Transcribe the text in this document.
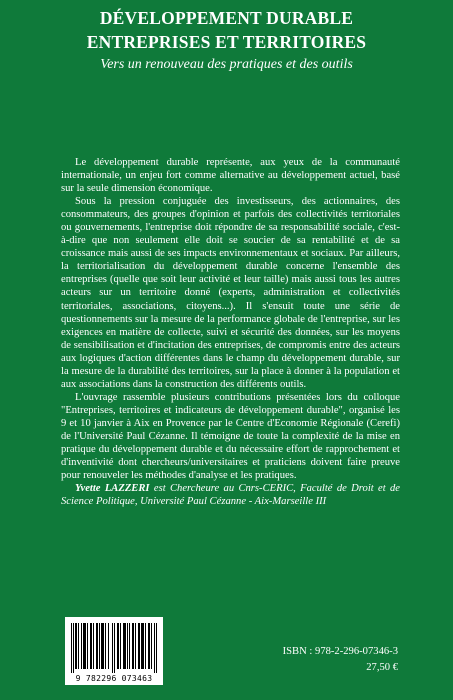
DÉVELOPPEMENT DURABLE
ENTREPRISES ET TERRITOIRES
Vers un renouveau des pratiques et des outils

Le développement durable représente, aux yeux de la communauté internationale, un enjeu fort comme alternative au développement actuel, basé sur la seule dimension économique.

Sous la pression conjuguée des investisseurs, des actionnaires, des consommateurs, des groupes d'opinion et parfois des collectivités territoriales ou gouvernements, l'entreprise doit répondre de sa responsabilité sociale, c'est-à-dire que non seulement elle doit se soucier de sa rentabilité et de sa croissance mais aussi de ses impacts environnementaux et sociaux. Par ailleurs, la territorialisation du développement durable concerne l'ensemble des entreprises (quelle que soit leur activité et leur taille) mais aussi tous les autres acteurs sur un territoire donné (experts, administration et collectivités territoriales, associations, citoyens...). Il s'ensuit toute une série de questionnements sur la mesure de la performance globale de l'entreprise, sur les exigences en matière de collecte, suivi et sécurité des données, sur les moyens de sensibilisation et d'incitation des entreprises, de compromis entre des acteurs aux logiques d'action différentes dans le champ du développement durable, sur la mesure de la durabilité des territoires, sur la place à donner à la population et aux associations dans la construction des différents outils.

L'ouvrage rassemble plusieurs contributions présentées lors du colloque "Entreprises, territoires et indicateurs de développement durable", organisé les 9 et 10 janvier à Aix en Provence par le Centre d'Economie Régionale (Cerefi) de l'Université Paul Cézanne. Il témoigne de toute la complexité de la mise en pratique du développement durable et du nécessaire effort de rapprochement et d'inventivité dont chercheurs/universitaires et praticiens doivent faire preuve pour renouveler les méthodes d'analyse et les pratiques.

Yvette LAZZERI est Chercheure au Cnrs-CERIC, Faculté de Droit et de Science Politique, Université Paul Cézanne - Aix-Marseille III

9 782296 073463
ISBN : 978-2-296-07346-3
27,50 €
